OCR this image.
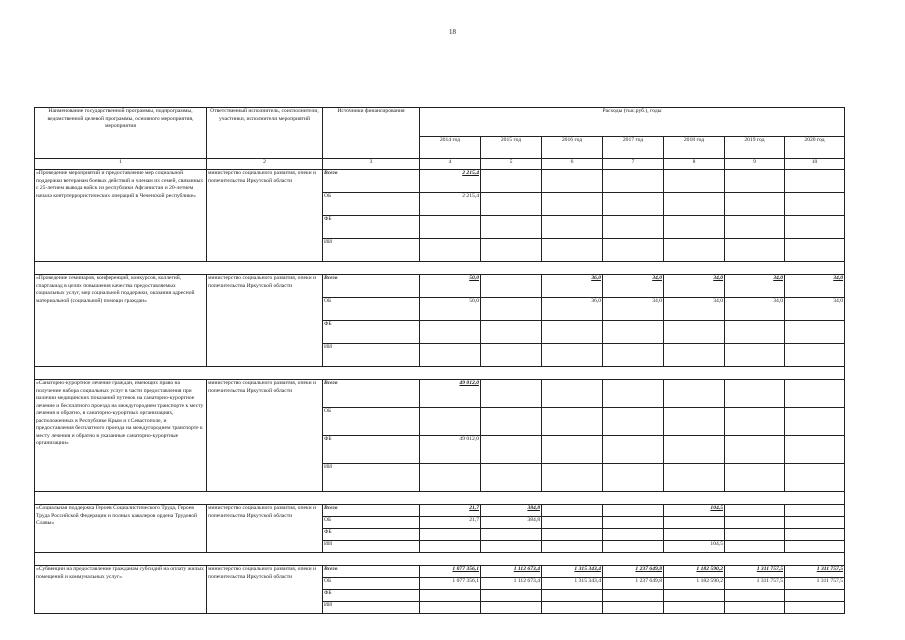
18
Наименование государственной программы, подпрограммы, ведомственной целевой программы, основного мероприятия, мероприятия	Ответственный исполнитель, соисполнители, участники, исполнители мероприятий	Источники финансирования	Расходы (тыс.руб.), годы						
			2014 год	2015 год	2016 год	2017 год	2018 год	2019 год	2020 год
1	2	3	4	5	6	7	8	9	10
«Проведение мероприятий и предоставление мер социальной поддержки ветеранам боевых действий и членам их семей, связанных с 25-летием вывода войск из республики Афганистан и 20-летием начала контртеррористических операций в Чеченской республике»	министерство социального развития, опеки и попечительства Иркутской области	Всего	2 215,4						
		ОБ	2 215,4						
		ФБ							
		ИИ							

«Проведение семинаров, конференций, конкурсов, коллегий, спартакиад в целях повышения качества предоставляемых социальных услуг, мер социальной поддержки, оказания адресной материальной (социальной) помощи граждан»	министерство социального развития, опеки и попечительства Иркутской области	Всего	50,0		36,0	34,0	34,0	34,0	34,0
		ОБ	50,0		36,0	34,0	34,0	34,0	34,0
		ФБ							
		ИИ							

«Санаторно-курортное лечение граждан, имеющих право на получение набора социальных услуг в части предоставления при наличии медицинских показаний путевок на санаторно-курортное лечение и бесплатного проезда на междугороднем транспорте к месту лечения и обратно, в санаторно-курортных организациях, расположенных в Республике Крым и г.Севастополе, и предоставления бесплатного проезда на междугороднем транспорте к месту лечения и обратно в указанные санаторно-курортные организации»	министерство социального развития, опеки и попечительства Иркутской области	Всего	49 012,0						
		ОБ							
		ФБ	49 012,0						
		ИИ							

«Социальная поддержка Героев Социалистического Труда, Героев Труда Российской Федерации и полных кавалеров ордена Трудовой Славы»	министерство социального развития, опеки и попечительства Иркутской области	Всего	21,7	384,8			104,5		
		ОБ	21,7	384,8					
		ФБ							
		ИИ					104,5		

«Субвенции на предоставление гражданам субсидий на оплату жилых помещений и коммунальных услуг»	министерство социального развития, опеки и попечительства Иркутской области	Всего	1 077 356,1	1 112 673,4	1 315 343,4	1 237 649,8	1 182 590,2	1 311 757,5	1 311 757,5
		ОБ	1 077 356,1	1 112 673,4	1 315 343,4	1 237 649,8	1 182 590,2	1 311 757,5	1 311 757,5
		ФБ							
		ИИ							
